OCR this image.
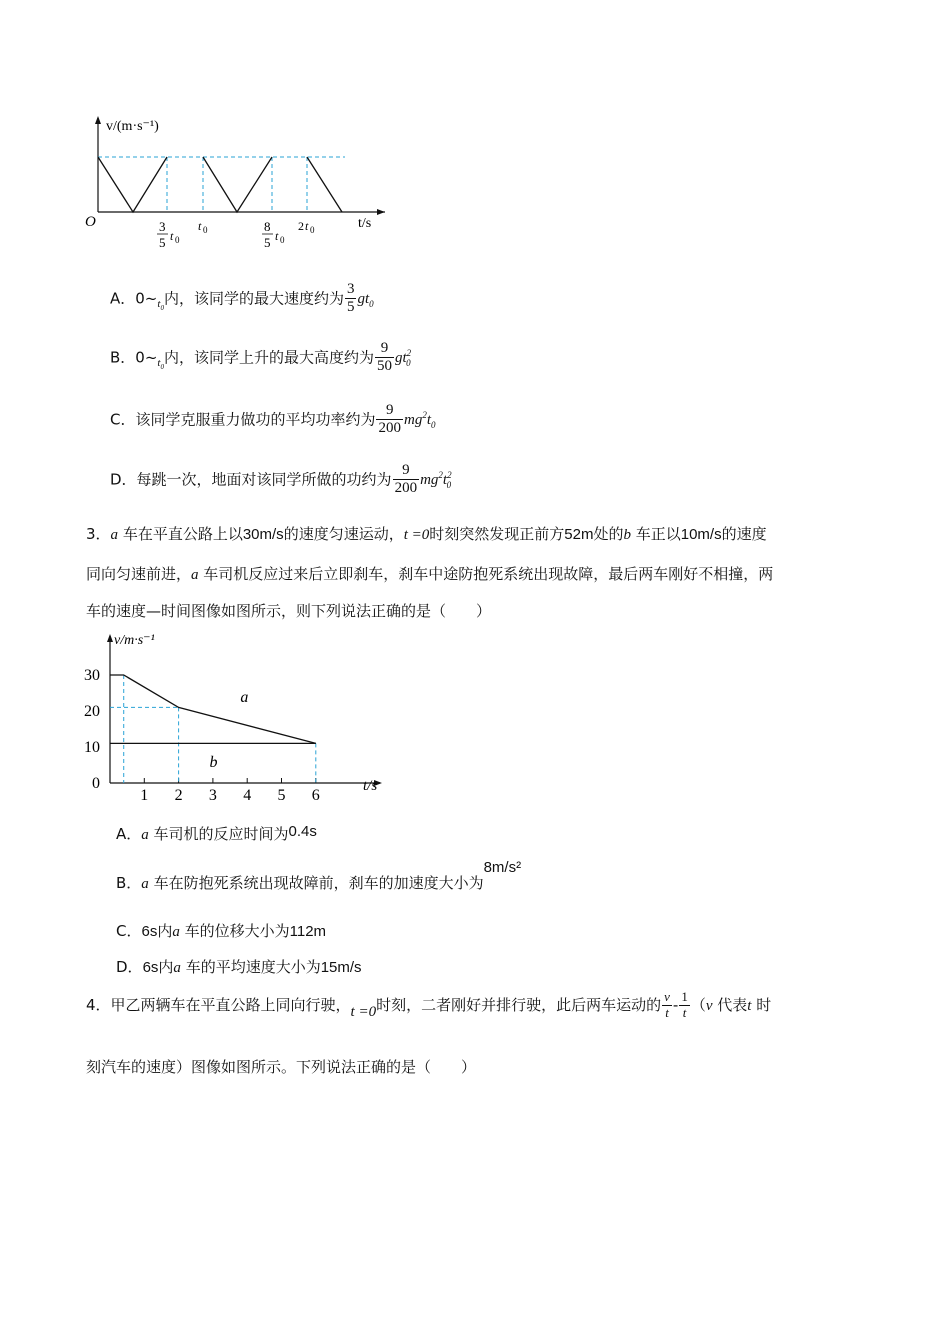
v/(m·s⁻¹)
O	t/s
3
5 t 0
t 0	8
5 t 0
2 t 0
A．$0\sim_{t_0}$内，该同学的最大速度约为 $\frac{3}{5} gt_0$
B．$0\sim_{t_0}$内，该同学上升的最大高度约为 $\frac{9}{50} gt^2_0$
C．该同学克服重力做功的平均功率约为 $\frac{9}{200} mg^2t_0$
D．每跳一次，地面对该同学所做的功约为 $\frac{9}{200} mg^2t^2_0$
3．a 车在平直公路上以30m/s的速度匀速运动，t =0时刻突然发现正前方52m处的b 车正以10m/s的速度
同向匀速前进，a 车司机反应过来后立即刹车，刹车中途防抱死系统出现故障，最后两车刚好不相撞，两
车的速度—时间图像如图所示，则下列说法正确的是（　　）
v/m·s⁻¹
t/s
1 2 3 4 5 6
0
10
20
30
a
b
A．a 车司机的反应时间为0.4s
B．a 车在防抱死系统出现故障前，刹车的加速度大小为8m/s²
C．6s内a 车的位移大小为112m
D．6s内a 车的平均速度大小为15m/s
4．甲乙两辆车在平直公路上同向行驶，t =0时刻，二者刚好并排行驶，此后两车运动的 $\frac{v}{t} - \frac{1}{t} (v$ 代表t 时
刻汽车的速度）图像如图所示。下列说法正确的是（　　）
